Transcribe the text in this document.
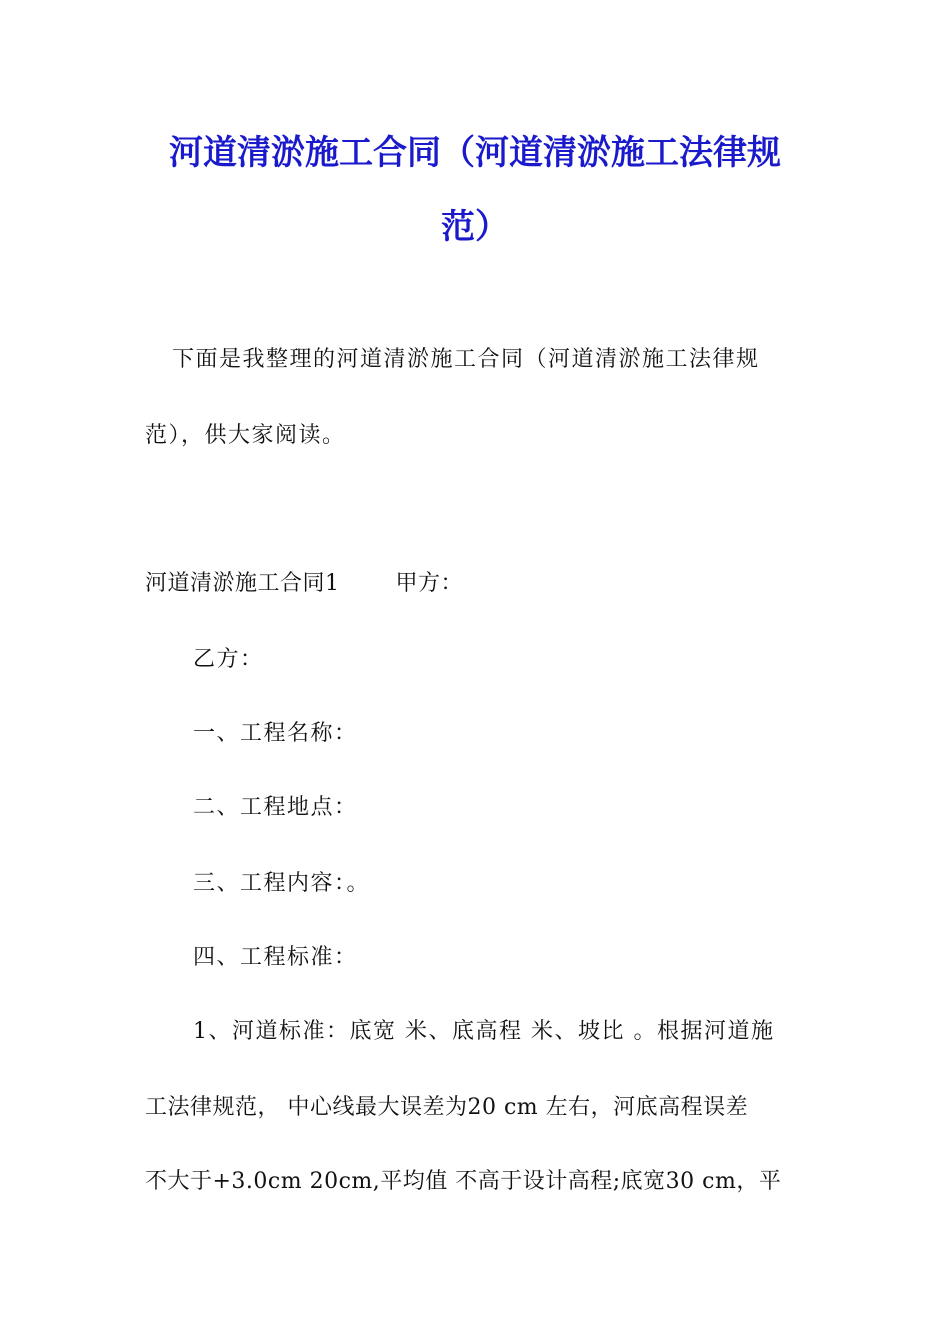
河道清淤施工合同（河道清淤施工法律规
范）
下面是我整理的河道清淤施工合同（河道清淤施工法律规
范），供大家阅读。
河道清淤施工合同1	甲方：
乙方：
一、工程名称：
二、工程地点：
三、工程内容：。
四、工程标准：
1、河道标准：底宽 米、底高程 米、坡比 。根据河道施
工法律规范， 中心线最大误差为20 cm 左右，河底高程误差
不大于+3.0cm 20cm,平均值 不高于设计高程;底宽30 cm，平
